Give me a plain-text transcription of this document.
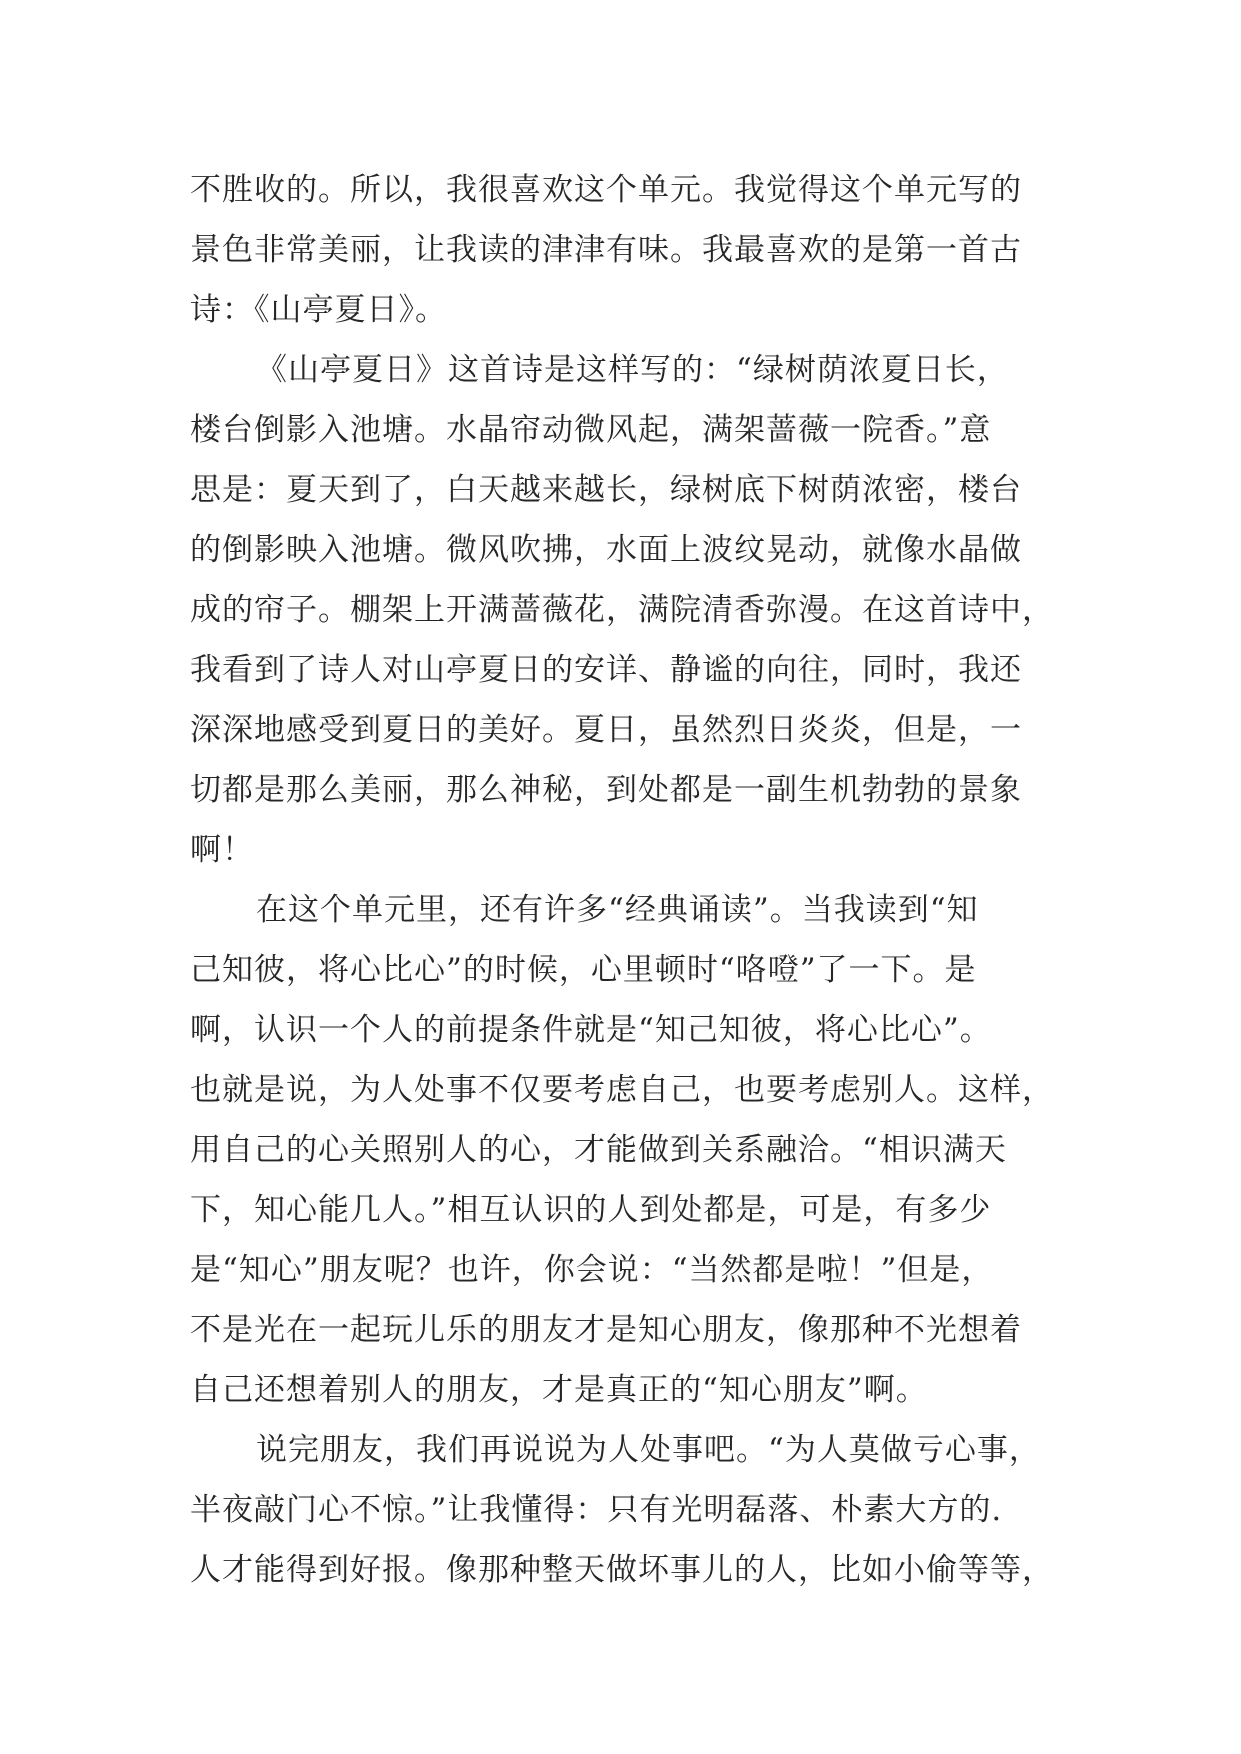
不胜收的。所以，我很喜欢这个单元。我觉得这个单元写的
景色非常美丽，让我读的津津有味。我最喜欢的是第一首古
诗：《山亭夏日》。
《山亭夏日》这首诗是这样写的：“绿树荫浓夏日长，
楼台倒影入池塘。水晶帘动微风起，满架蔷薇一院香。”意
思是：夏天到了，白天越来越长，绿树底下树荫浓密，楼台
的倒影映入池塘。微风吹拂，水面上波纹晃动，就像水晶做
成的帘子。棚架上开满蔷薇花，满院清香弥漫。在这首诗中，
我看到了诗人对山亭夏日的安详、静谧的向往，同时，我还
深深地感受到夏日的美好。夏日，虽然烈日炎炎，但是，一
切都是那么美丽，那么神秘，到处都是一副生机勃勃的景象
啊！
在这个单元里，还有许多“经典诵读”。当我读到“知
己知彼，将心比心”的时候，心里顿时“咯噔”了一下。是
啊，认识一个人的前提条件就是“知己知彼，将心比心”。
也就是说，为人处事不仅要考虑自己，也要考虑别人。这样，
用自己的心关照别人的心，才能做到关系融洽。“相识满天
下，知心能几人。”相互认识的人到处都是，可是，有多少
是“知心”朋友呢？也许，你会说：“当然都是啦！”但是，
不是光在一起玩儿乐的朋友才是知心朋友，像那种不光想着
自己还想着别人的朋友，才是真正的“知心朋友”啊。
说完朋友，我们再说说为人处事吧。“为人莫做亏心事，
半夜敲门心不惊。”让我懂得：只有光明磊落、朴素大方的.
人才能得到好报。像那种整天做坏事儿的人，比如小偷等等，
